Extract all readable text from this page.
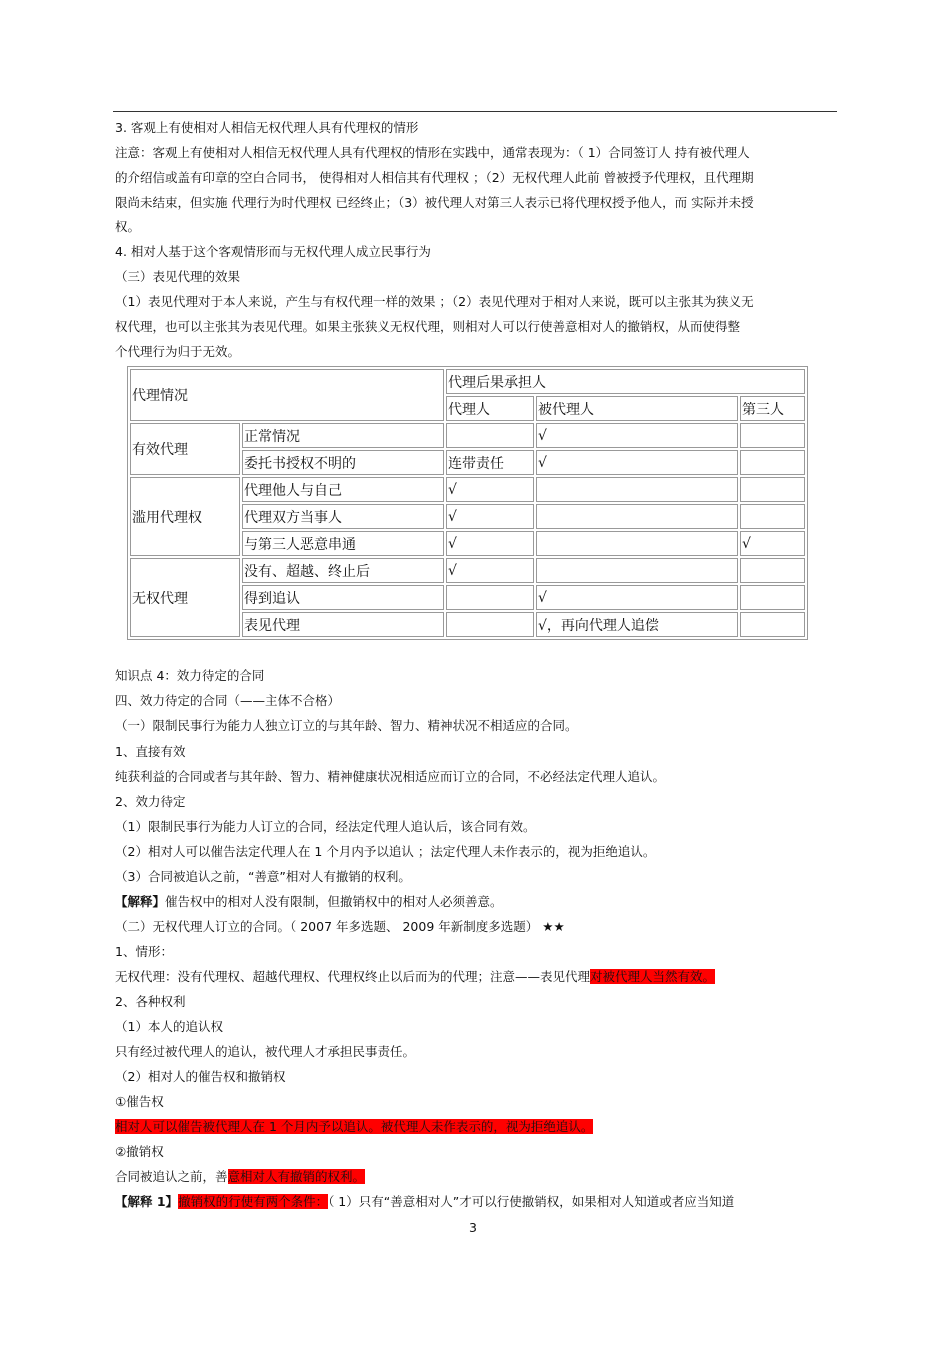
3. 客观上有使相对人相信无权代理人具有代理权的情形
注意：客观上有使相对人相信无权代理人具有代理权的情形在实践中，通常表现为：（ 1）合同签订人 持有被代理人
的介绍信或盖有印章的空白合同书， 使得相对人相信其有代理权 ；（2）无权代理人此前 曾被授予代理权，且代理期
限尚未结束，但实施 代理行为时代理权 已经终止；（3）被代理人对第三人表示已将代理权授予他人，而 实际并未授
权。
4. 相对人基于这个客观情形而与无权代理人成立民事行为
（三）表见代理的效果
（1）表见代理对于本人来说，产生与有权代理一样的效果 ；（2）表见代理对于相对人来说，既可以主张其为狭义无
权代理，也可以主张其为表见代理。如果主张狭义无权代理，则相对人可以行使善意相对人的撤销权，从而使得整
个代理行为归于无效。
知识点 4：效力待定的合同
四、效力待定的合同（——主体不合格）
（一）限制民事行为能力人独立订立的与其年龄、智力、精神状况不相适应的合同。
1、直接有效
纯获利益的合同或者与其年龄、智力、精神健康状况相适应而订立的合同，不必经法定代理人追认。
2、效力待定
（1）限制民事行为能力人订立的合同，经法定代理人追认后，该合同有效。
（2）相对人可以催告法定代理人在 1 个月内予以追认 ；法定代理人未作表示的，视为拒绝追认。
（3）合同被追认之前，“善意”相对人有撤销的权利。
【解释】催告权中的相对人没有限制，但撤销权中的相对人必须善意。
（二）无权代理人订立的合同。（ 2007 年多选题、 2009 年新制度多选题） ★★
1、情形：
无权代理：没有代理权、超越代理权、代理权终止以后而为的代理；注意——表见代理对被代理人当然有效。
2、各种权利
（1）本人的追认权
只有经过被代理人的追认，被代理人才承担民事责任。
（2）相对人的催告权和撤销权
①催告权
相对人可以催告被代理人在 1 个月内予以追认。被代理人未作表示的，视为拒绝追认。
②撤销权
合同被追认之前，善意相对人有撤销的权利。
【解释 1】撤销权的行使有两个条件：（ 1）只有“善意相对人”才可以行使撤销权，如果相对人知道或者应当知道
代理情况		代理后果承担人		
		代理人	被代理人	第三人
有效代理	正常情况		√	
	委托书授权不明的	连带责任	√	
滥用代理权	代理他人与自己	√		
	代理双方当事人	√		
	与第三人恶意串通	√		√
无权代理	没有、超越、终止后	√		
	得到追认		√	
	表见代理		√，再向代理人追偿	
3
